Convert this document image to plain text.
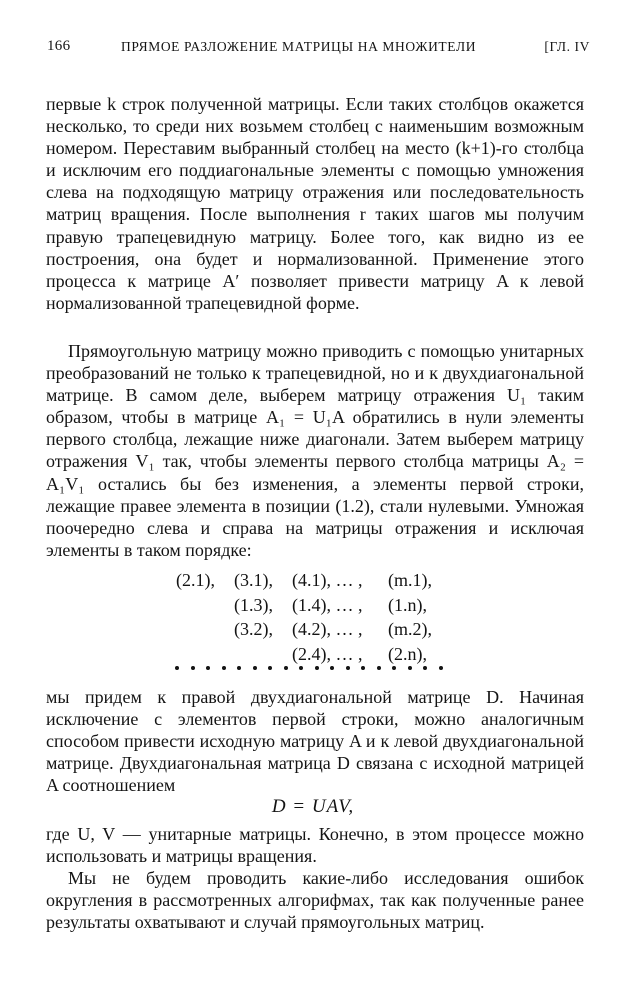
166	ПРЯМОЕ РАЗЛОЖЕНИЕ МАТРИЦЫ НА МНОЖИТЕЛИ	[ГЛ. IV

первые k строк полученной матрицы. Если таких столбцов окажется несколько, то среди них возьмем столбец с наименьшим возможным номером. Переставим выбранный столбец на место (k+1)-го столбца и исключим его поддиагональные элементы с помощью умножения слева на подходящую матрицу отражения или последовательность матриц вращения. После выполнения r таких шагов мы получим правую трапецевидную матрицу. Более того, как видно из ее построения, она будет и нормализованной. Применение этого процесса к матрице A′ позволяет привести матрицу A к левой нормализованной трапецевидной форме.

Прямоугольную матрицу можно приводить с помощью унитарных преобразований не только к трапецевидной, но и к двухдиагональной матрице. В самом деле, выберем матрицу отражения U₁ таким образом, чтобы в матрице A₁ = U₁A обратились в нули элементы первого столбца, лежащие ниже диагонали. Затем выберем матрицу отражения V₁ так, чтобы элементы первого столбца матрицы A₂ = A₁V₁ остались бы без изменения, а элементы первой строки, лежащие правее элемента в позиции (1.2), стали нулевыми. Умножая поочередно слева и справа на матрицы отражения и исключая элементы в таком порядке:

(2.1), (3.1), (4.1), … , (m.1),
(1.3), (1.4), … , (1.n),
(3.2), (4.2), … , (m.2),
(2.4), … , (2.n),

мы придем к правой двухдиагональной матрице D. Начиная исключение с элементов первой строки, можно аналогичным способом привести исходную матрицу A и к левой двухдиагональной матрице. Двухдиагональная матрица D связана с исходной матрицей A соотношением

D = UAV,

где U, V — унитарные матрицы. Конечно, в этом процессе можно использовать и матрицы вращения.

Мы не будем проводить какие-либо исследования ошибок округления в рассмотренных алгорифмах, так как полученные ранее результаты охватывают и случай прямоугольных матриц.
